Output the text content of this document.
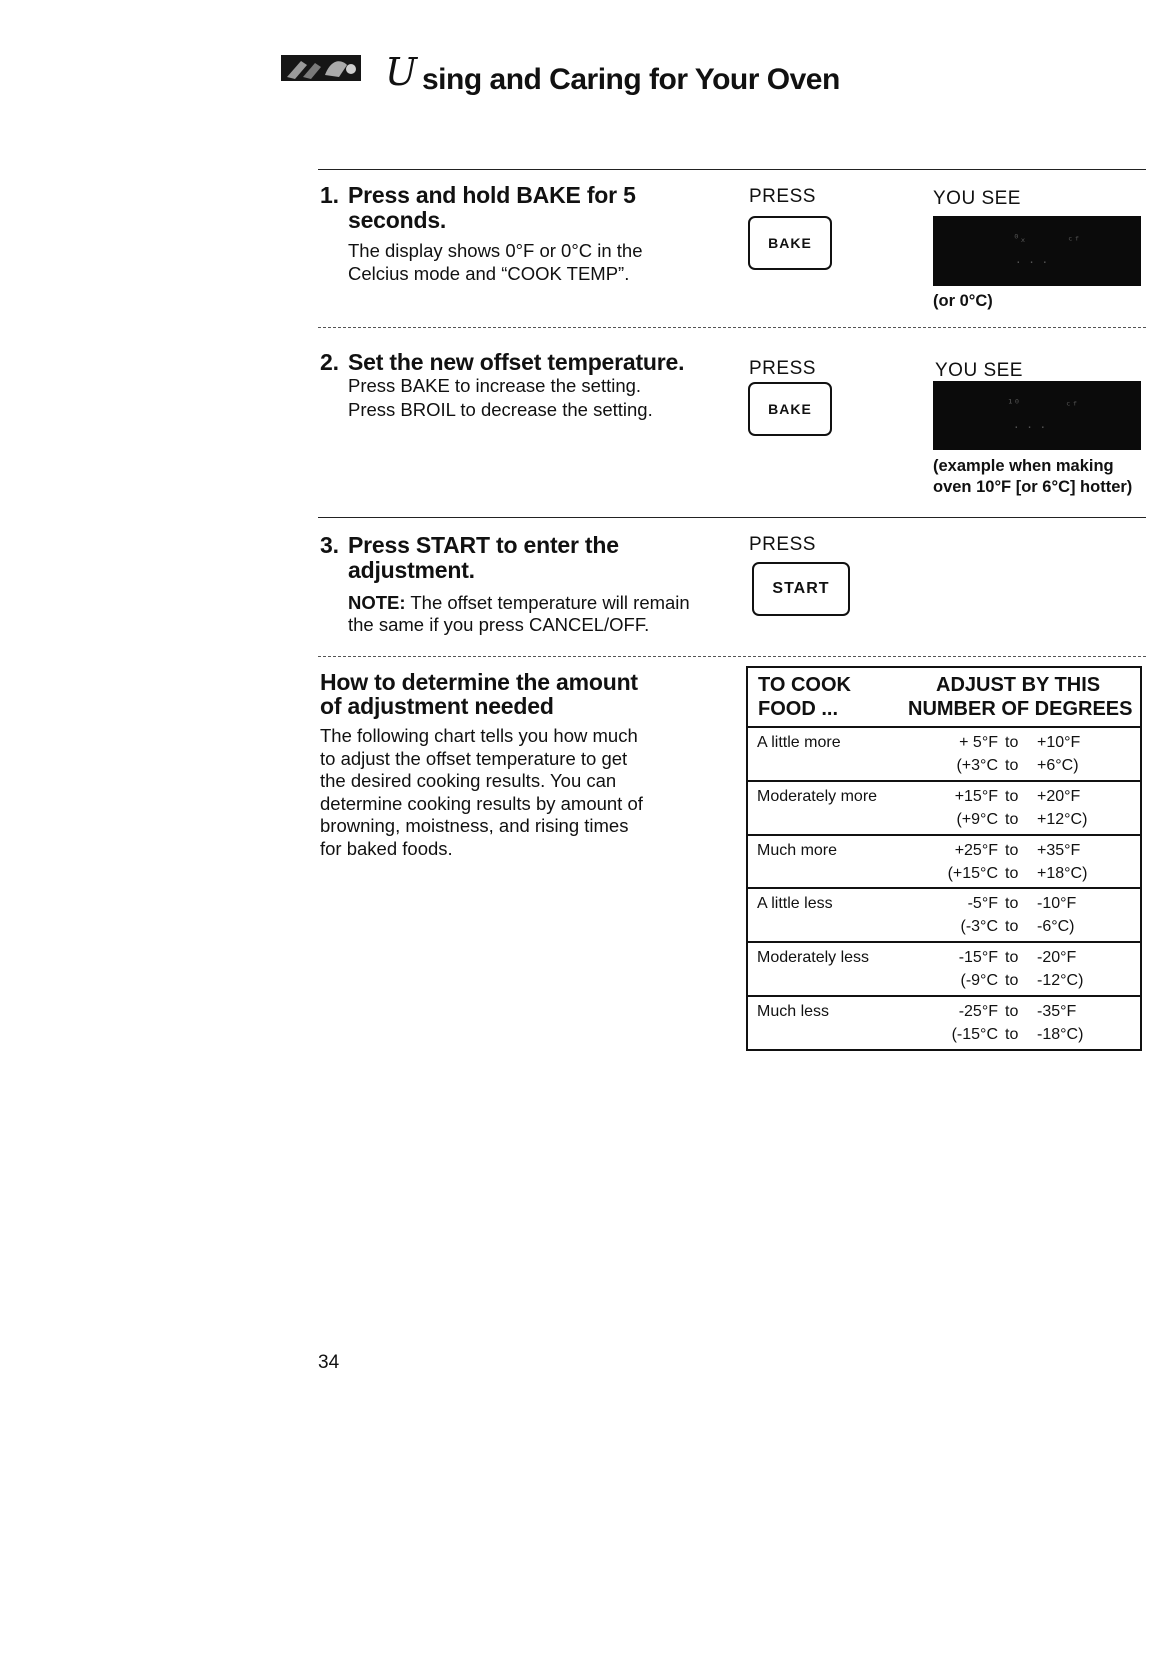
U sing and Caring for Your Oven
1. Press and hold BAKE for 5
seconds.
The display shows 0°F or 0°C in the
Celcius mode and “COOK TEMP”.
PRESS
BAKE
YOU SEE
⁰ₓ	ᶜᶠ
· · ·
(or 0°C)
2. Set the new offset temperature.
Press BAKE to increase the setting.
Press BROIL to decrease the setting.
PRESS
BAKE
YOU SEE
¹⁰	ᶜᶠ
· · ·
(example when making
oven 10°F [or 6°C] hotter)
3. Press START to enter the
adjustment.
NOTE: The offset temperature will remain
the same if you press CANCEL/OFF.
PRESS
START
How to determine the amount
of adjustment needed
The following chart tells you how much
to adjust the offset temperature to get
the desired cooking results. You can
determine cooking results by amount of
browning, moistness, and rising times
for baked foods.
TO COOK
FOOD ...
ADJUST BY THIS
NUMBER OF DEGREES
A little more	+ 5°F to +10°F
(+3°C to +6°C)
Moderately more	+15°F to +20°F
(+9°C to +12°C)
Much more	+25°F to +35°F
(+15°C to +18°C)
A little less	-5°F to -10°F
(-3°C to -6°C)
Moderately less	-15°F to -20°F
(-9°C to -12°C)
Much less	-25°F to -35°F
(-15°C to -18°C)
34
